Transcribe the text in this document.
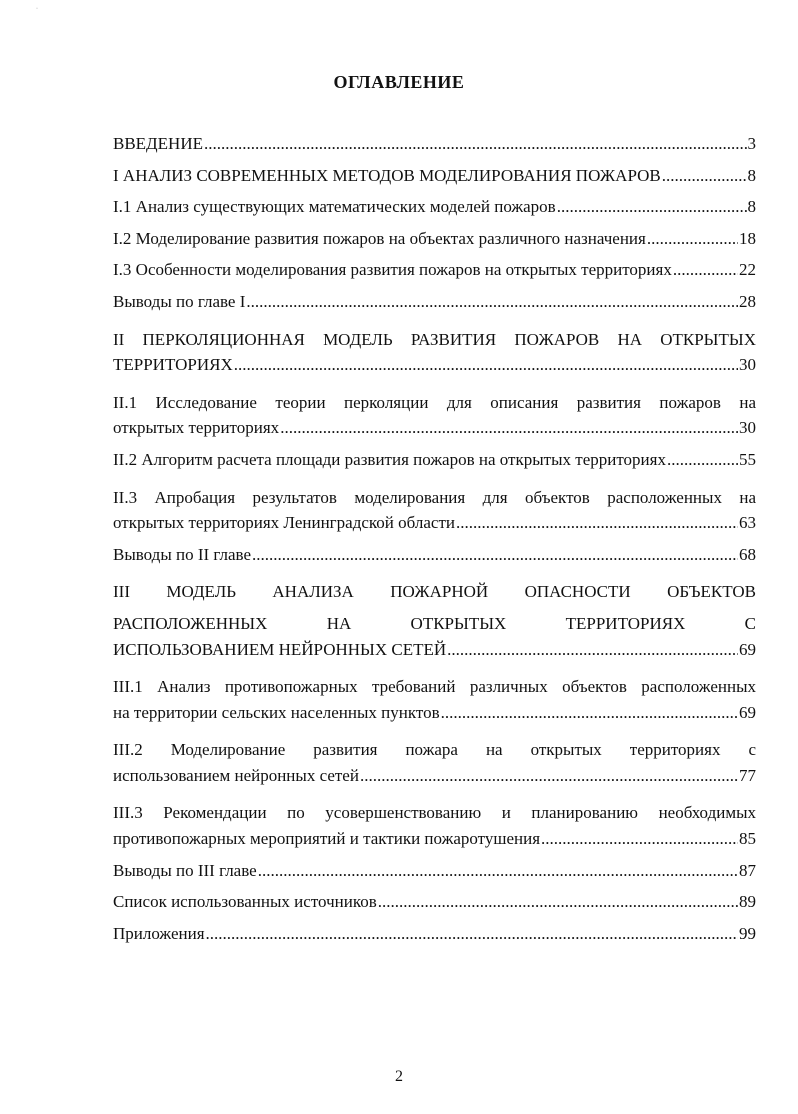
·
ОГЛАВЛЕНИЕ
ВВЕДЕНИЕ .....	3
I АНАЛИЗ СОВРЕМЕННЫХ МЕТОДОВ МОДЕЛИРОВАНИЯ ПОЖАРОВ .....	8
I.1 Анализ существующих математических моделей пожаров .....	8
I.2 Моделирование развития пожаров на объектах различного назначения .....	18
I.3 Особенности моделирования развития пожаров на открытых территориях .....	22
Выводы по главе I .....	28
II ПЕРКОЛЯЦИОННАЯ МОДЕЛЬ РАЗВИТИЯ ПОЖАРОВ НА ОТКРЫТЫХ
ТЕРРИТОРИЯХ .....	30
II.1 Исследование теории перколяции для описания развития пожаров на
открытых территориях .....	30
II.2 Алгоритм расчета площади развития пожаров на открытых территориях .....	55
II.3 Апробация результатов моделирования для объектов расположенных на
открытых территориях Ленинградской области .....	63
Выводы по II главе .....	68
III МОДЕЛЬ АНАЛИЗА ПОЖАРНОЙ ОПАСНОСТИ ОБЪЕКТОВ
РАСПОЛОЖЕННЫХ НА ОТКРЫТЫХ ТЕРРИТОРИЯХ С
ИСПОЛЬЗОВАНИЕМ НЕЙРОННЫХ СЕТЕЙ .....	69
III.1 Анализ противопожарных требований различных объектов расположенных
на территории сельских населенных пунктов .....	69
III.2 Моделирование развития пожара на открытых территориях с
использованием нейронных сетей .....	77
III.3 Рекомендации по усовершенствованию и планированию необходимых
противопожарных мероприятий и тактики пожаротушения .....	85
Выводы по III главе .....	87
Список использованных источников .....	89
Приложения .....	99
2
